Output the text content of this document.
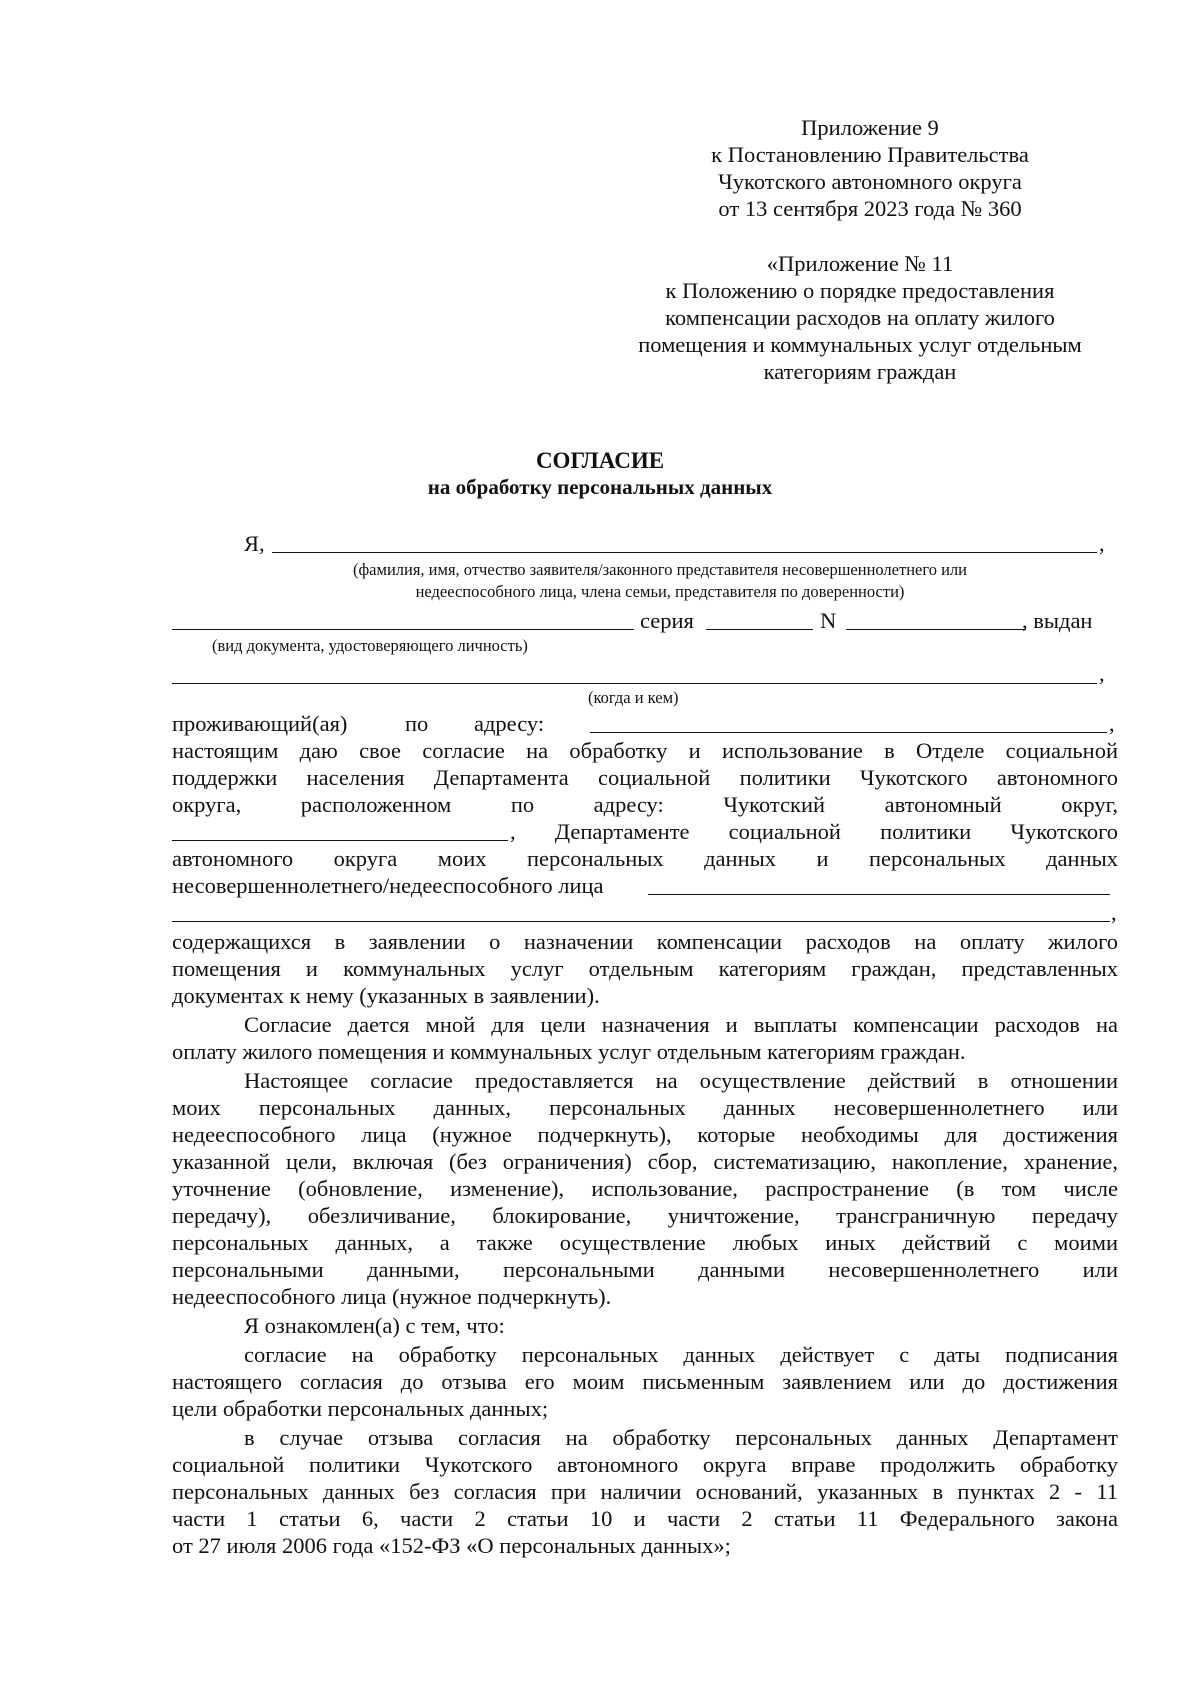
Приложение 9
к Постановлению Правительства
Чукотского автономного округа
от 13 сентября 2023 года № 360
«Приложение № 11
к Положению о порядке предоставления
компенсации расходов на оплату жилого
помещения и коммунальных услуг отдельным
категориям граждан
СОГЛАСИЕ
на обработку персональных данных
Я,	,
(фамилия, имя, отчество заявителя/законного представителя несовершеннолетнего или
недееспособного лица, члена семьи, представителя по доверенности)
серия	N	, выдан
(вид документа, удостоверяющего личность)
,
(когда и кем)
проживающий(ая)	по адресу:	,
настоящим даю свое согласие на обработку и использование в Отделе социальной
поддержки населения Департамента социальной политики Чукотского автономного
округа,	расположенном	по	адресу:	Чукотский	автономный	округ,
, Департаменте социальной политики Чукотского
автономного округа моих персональных данных и персональных данных
несовершеннолетнего/недееспособного лица
,
содержащихся в заявлении о назначении компенсации расходов на оплату жилого
помещения и коммунальных услуг отдельным категориям граждан, представленных
документах к нему (указанных в заявлении).
Согласие дается мной для цели назначения и выплаты компенсации расходов на
оплату жилого помещения и коммунальных услуг отдельным категориям граждан.
Настоящее согласие предоставляется на осуществление действий в отношении
моих персональных данных, персональных данных несовершеннолетнего или
недееспособного лица (нужное подчеркнуть), которые необходимы для достижения
указанной цели, включая (без ограничения) сбор, систематизацию, накопление, хранение,
уточнение (обновление, изменение), использование, распространение (в том числе
передачу), обезличивание, блокирование, уничтожение, трансграничную передачу
персональных данных, а также осуществление любых иных действий с моими
персональными данными, персональными данными несовершеннолетнего или
недееспособного лица (нужное подчеркнуть).
Я ознакомлен(а) с тем, что:
согласие на обработку персональных данных действует с даты подписания
настоящего согласия до отзыва его моим письменным заявлением или до достижения
цели обработки персональных данных;
в случае отзыва согласия на обработку персональных данных Департамент
социальной политики Чукотского автономного округа вправе продолжить обработку
персональных данных без согласия при наличии оснований, указанных в пунктах 2 - 11
части 1 статьи 6, части 2 статьи 10 и части 2 статьи 11 Федерального закона
от 27 июля 2006 года «152-ФЗ «О персональных данных»;
